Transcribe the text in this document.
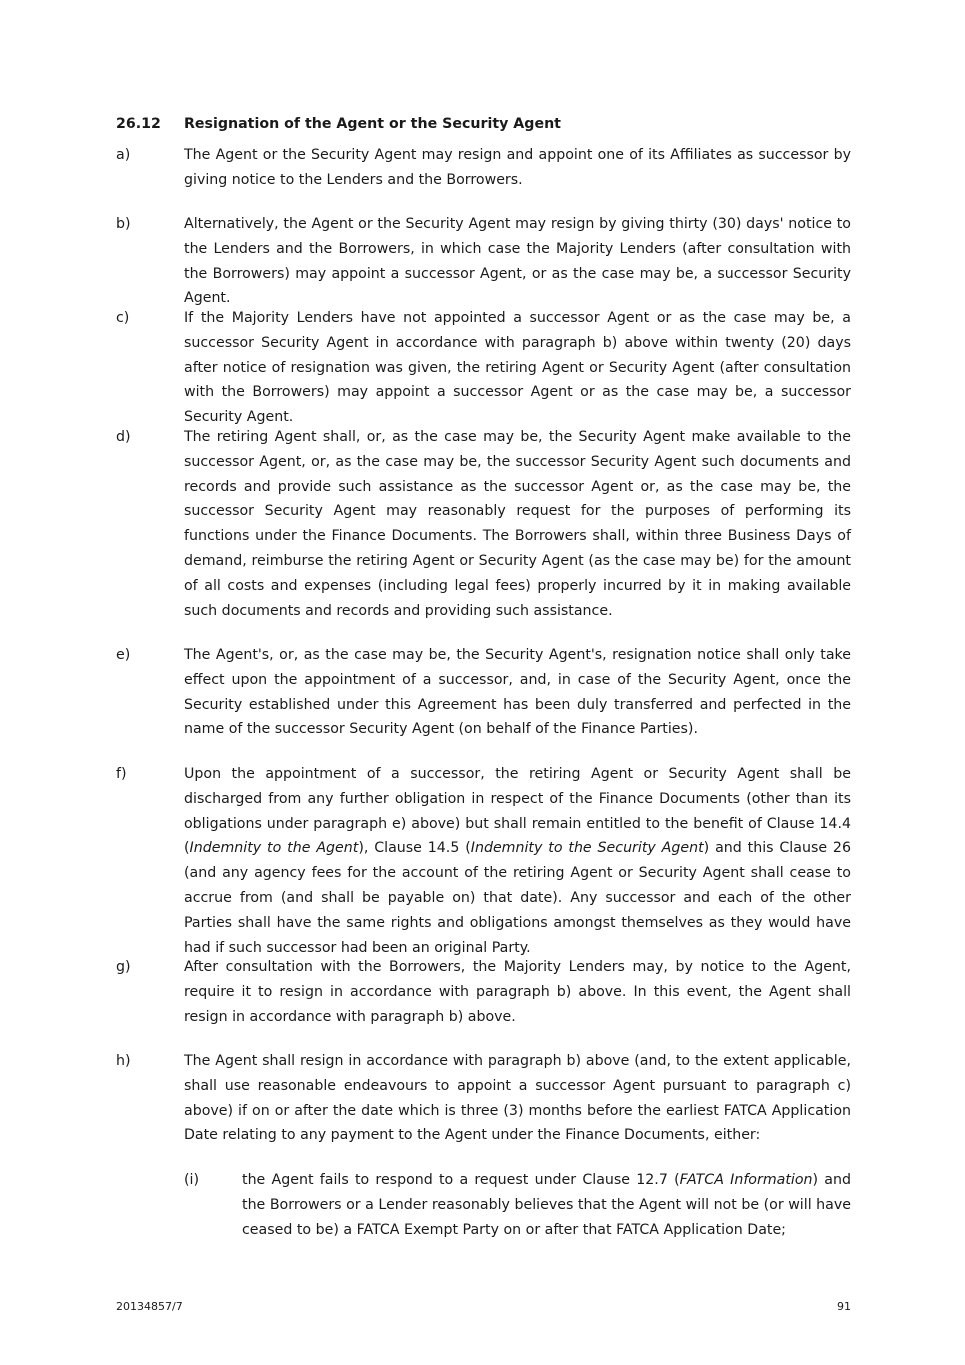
26.12 Resignation of the Agent or the Security Agent
a)	The Agent or the Security Agent may resign and appoint one of its Affiliates as successor by giving notice to the Lenders and the Borrowers.
b)	Alternatively, the Agent or the Security Agent may resign by giving thirty (30) days' notice to the Lenders and the Borrowers, in which case the Majority Lenders (after consultation with the Borrowers) may appoint a successor Agent, or as the case may be, a successor Security Agent.
c)	If the Majority Lenders have not appointed a successor Agent or as the case may be, a successor Security Agent in accordance with paragraph b) above within twenty (20) days after notice of resignation was given, the retiring Agent or Security Agent (after consultation with the Borrowers) may appoint a successor Agent or as the case may be, a successor Security Agent.
d)	The retiring Agent shall, or, as the case may be, the Security Agent make available to the successor Agent, or, as the case may be, the successor Security Agent such documents and records and provide such assistance as the successor Agent or, as the case may be, the successor Security Agent may reasonably request for the purposes of performing its functions under the Finance Documents. The Borrowers shall, within three Business Days of demand, reimburse the retiring Agent or Security Agent (as the case may be) for the amount of all costs and expenses (including legal fees) properly incurred by it in making available such documents and records and providing such assistance.
e)	The Agent's, or, as the case may be, the Security Agent's, resignation notice shall only take effect upon the appointment of a successor, and, in case of the Security Agent, once the Security established under this Agreement has been duly transferred and perfected in the name of the successor Security Agent (on behalf of the Finance Parties).
f)	Upon the appointment of a successor, the retiring Agent or Security Agent shall be discharged from any further obligation in respect of the Finance Documents (other than its obligations under paragraph e) above) but shall remain entitled to the benefit of Clause 14.4 (Indemnity to the Agent), Clause 14.5 (Indemnity to the Security Agent) and this Clause 26 (and any agency fees for the account of the retiring Agent or Security Agent shall cease to accrue from (and shall be payable on) that date). Any successor and each of the other Parties shall have the same rights and obligations amongst themselves as they would have had if such successor had been an original Party.
g)	After consultation with the Borrowers, the Majority Lenders may, by notice to the Agent, require it to resign in accordance with paragraph b) above. In this event, the Agent shall resign in accordance with paragraph b) above.
h)	The Agent shall resign in accordance with paragraph b) above (and, to the extent applicable, shall use reasonable endeavours to appoint a successor Agent pursuant to paragraph c) above) if on or after the date which is three (3) months before the earliest FATCA Application Date relating to any payment to the Agent under the Finance Documents, either:
(i)	the Agent fails to respond to a request under Clause 12.7 (FATCA Information) and the Borrowers or a Lender reasonably believes that the Agent will not be (or will have ceased to be) a FATCA Exempt Party on or after that FATCA Application Date;
20134857/7	91
